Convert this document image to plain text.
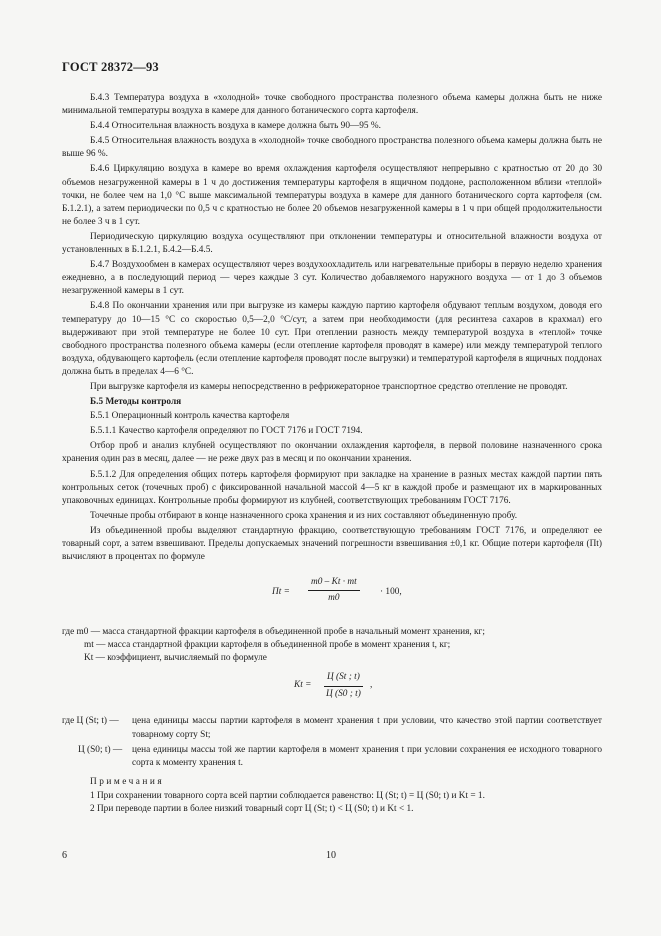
ГОСТ 28372—93

Б.4.3 Температура воздуха в «холодной» точке свободного пространства полезного объема камеры должна быть не ниже минимальной температуры воздуха в камере для данного ботанического сорта картофеля.

Б.4.4 Относительная влажность воздуха в камере должна быть 90—95 %.

Б.4.5 Относительная влажность воздуха в «холодной» точке свободного пространства полезного объема камеры должна быть не выше 96 %.

Б.4.6 Циркуляцию воздуха в камере во время охлаждения картофеля осуществляют непрерывно с кратностью от 20 до 30 объемов незагруженной камеры в 1 ч до достижения температуры картофеля в ящичном поддоне, расположенном вблизи «теплой» точки, не более чем на 1,0 °С выше максимальной температуры воздуха в камере для данного ботанического сорта картофеля (см. Б.1.2.1), а затем периодически по 0,5 ч с кратностью не более 20 объемов незагруженной камеры в 1 ч при общей продолжительности не более 3 ч в 1 сут.

Периодическую циркуляцию воздуха осуществляют при отклонении температуры и относительной влажности воздуха от установленных в Б.1.2.1, Б.4.2—Б.4.5.

Б.4.7 Воздухообмен в камерах осуществляют через воздухоохладитель или нагревательные приборы в первую неделю хранения ежедневно, а в последующий период — через каждые 3 сут. Количество добавляемого наружного воздуха — от 1 до 3 объемов незагруженной камеры в 1 сут.

Б.4.8 По окончании хранения или при выгрузке из камеры каждую партию картофеля обдувают теплым воздухом, доводя его температуру до 10—15 °С со скоростью 0,5—2,0 °С/сут, а затем при необходимости (для ресинтеза сахаров в крахмал) его выдерживают при этой температуре не более 10 сут. При отеплении разность между температурой воздуха в «теплой» точке свободного пространства полезного объема камеры (если отепление картофеля проводят в камере) или между температурой теплого воздуха, обдувающего картофель (если отепление картофеля проводят после выгрузки) и температурой картофеля в ящичных поддонах должна быть в пределах 4—6 °С.

При выгрузке картофеля из камеры непосредственно в рефрижераторное транспортное средство отепление не проводят.

Б.5 Методы контроля

Б.5.1 Операционный контроль качества картофеля

Б.5.1.1 Качество картофеля определяют по ГОСТ 7176 и ГОСТ 7194.

Отбор проб и анализ клубней осуществляют по окончании охлаждения картофеля, в первой половине назначенного срока хранения один раз в месяц, далее — не реже двух раз в месяц и по окончании хранения.

Б.5.1.2 Для определения общих потерь картофеля формируют при закладке на хранение в разных местах каждой партии пять контрольных сеток (точечных проб) с фиксированной начальной массой 4—5 кг в каждой пробе и размещают их в маркированных упаковочных единицах. Контрольные пробы формируют из клубней, соответствующих требованиям ГОСТ 7176.

Точечные пробы отбирают в конце назначенного срока хранения и из них составляют объединенную пробу.

Из объединенной пробы выделяют стандартную фракцию, соответствующую требованиям ГОСТ 7176, и определяют ее товарный сорт, а затем взвешивают. Пределы допускаемых значений погрешности взвешивания ±0,1 кг. Общие потери картофеля (Пt) вычисляют в процентах по формуле

Пt = $\frac{m0 - Kt \cdot mt}{m0} \cdot 100$,
где m0 — масса стандартной фракции картофеля в объединенной пробе в начальный момент хранения, кг;
mt — масса стандартной фракции картофеля в объединенной пробе в момент хранения t, кг;
Kt — коэффициент, вычисляемый по формуле
Kt =
Ц (St ; t)
Ц (S0 ; t)
,
где Ц (St; t) —	цена единицы массы партии картофеля в момент хранения t при условии, что качество этой партии соответствует товарному сорту St;
Ц (S0; t) —	цена единицы массы той же партии картофеля в момент хранения t при условии сохранения ее исходного товарного сорта к моменту хранения t.
Примечания
1 При сохранении товарного сорта всей партии соблюдается равенство: Ц (St; t) = Ц (S0; t) и Kt = 1.
2 При переводе партии в более низкий товарный сорт Ц (St; t) < Ц (S0; t) и Kt < 1.
6	10
